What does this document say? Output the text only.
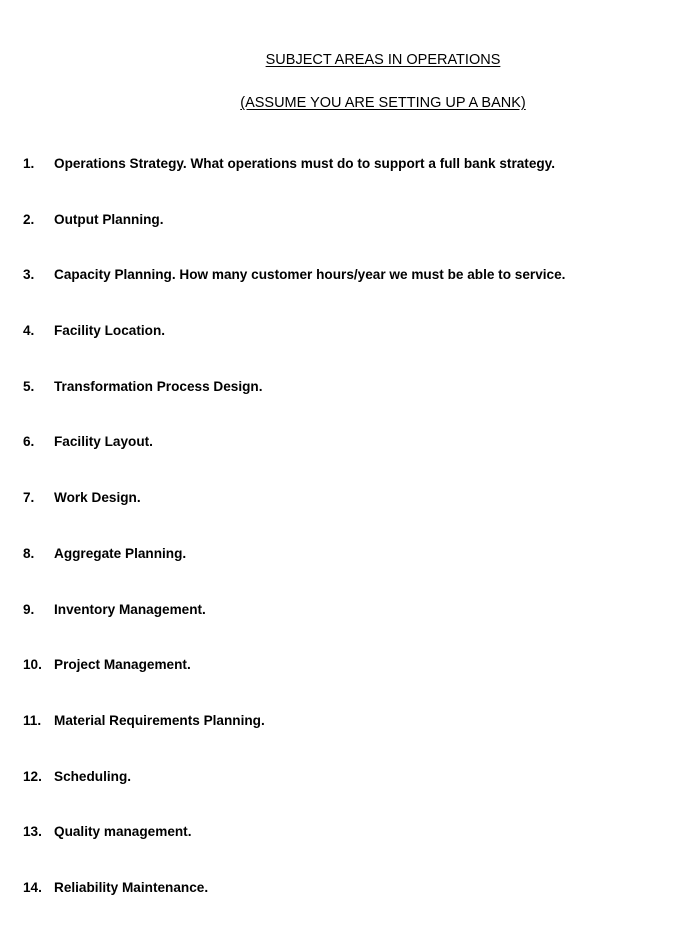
SUBJECT AREAS IN OPERATIONS
(ASSUME YOU ARE SETTING UP A BANK)
1.	Operations Strategy. What operations must do to support a full bank strategy.
2.	Output Planning.
3.	Capacity Planning. How many customer hours/year we must be able to service.
4.	Facility Location.
5.	Transformation Process Design.
6.	Facility Layout.
7.	Work Design.
8.	Aggregate Planning.
9.	Inventory Management.
10. Project Management.
11. Material Requirements Planning.
12. Scheduling.
13. Quality management.
14. Reliability Maintenance.
